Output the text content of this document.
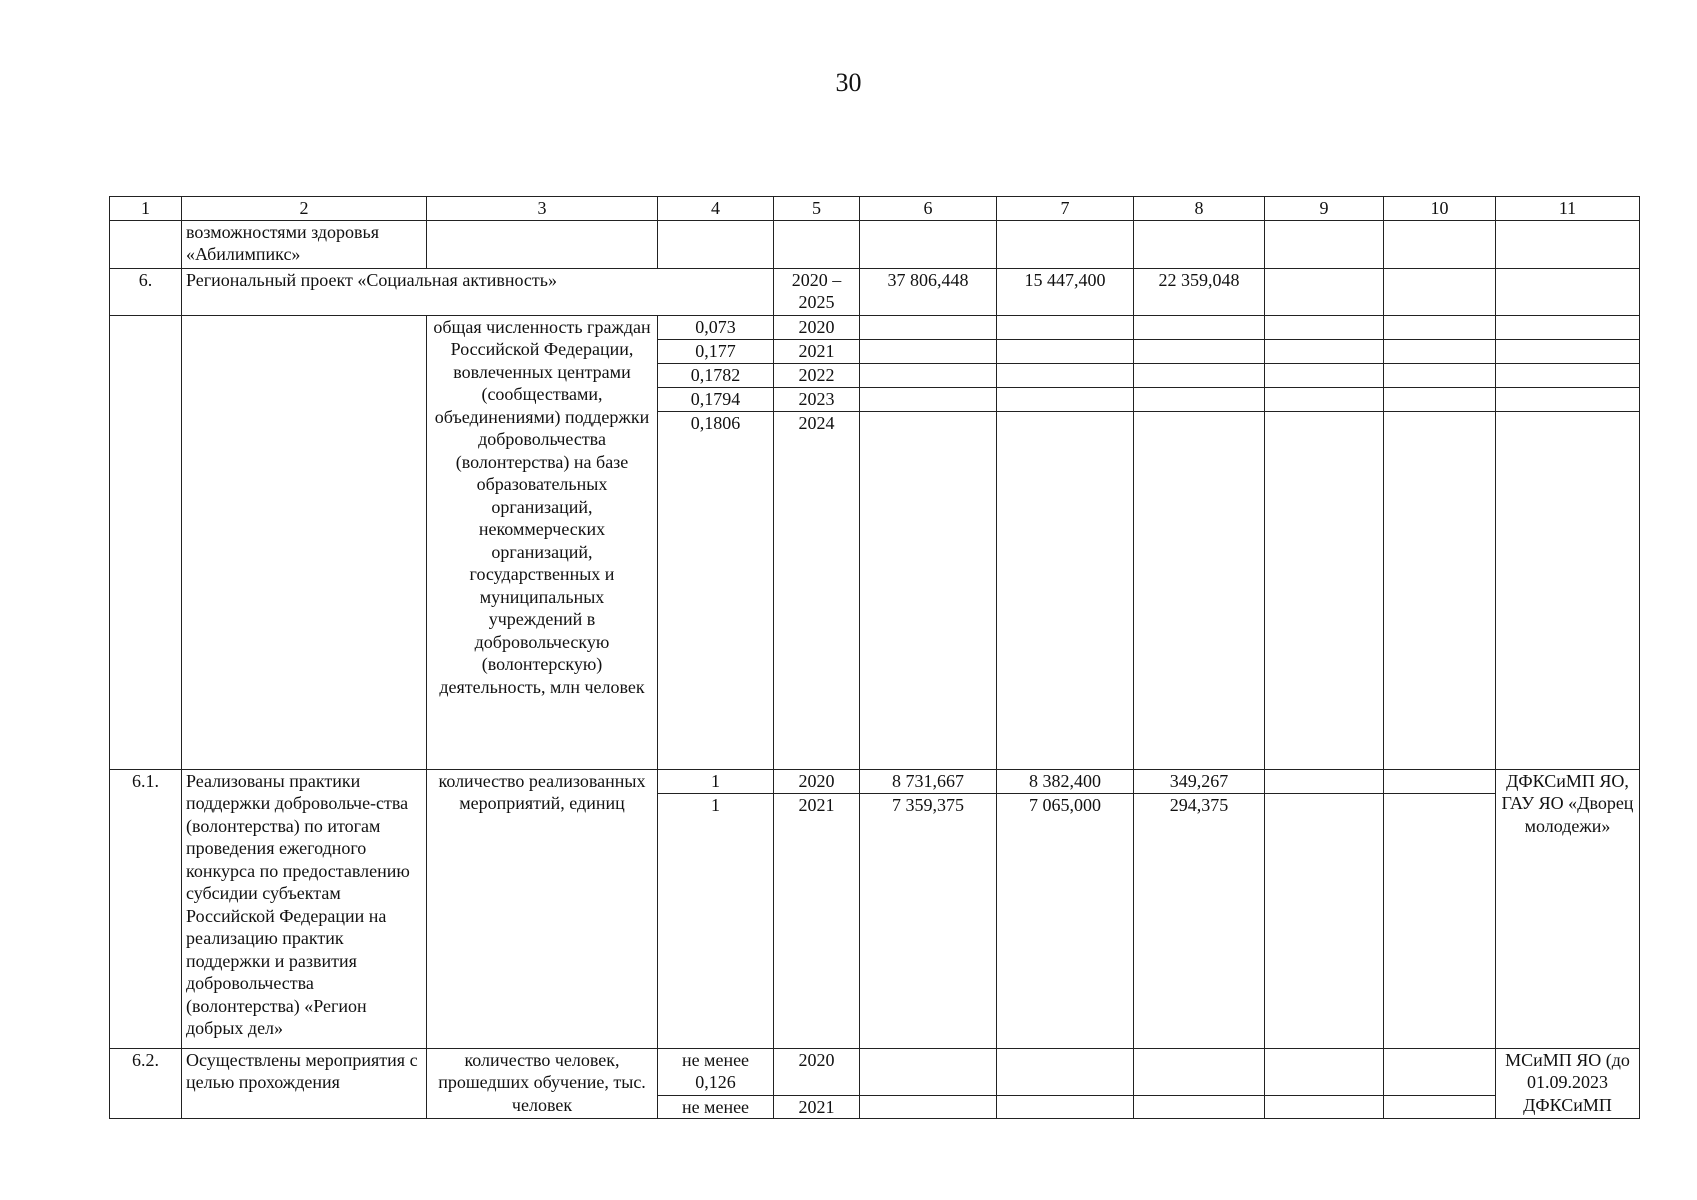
30
1	2	3	4	5	6	7	8	9	10	11
	возможностями здоровья «Абилимпикс»									
6.	Региональный проект «Социальная активность»			2020 – 2025	37 806,448	15 447,400	22 359,048			
		общая численность граждан Российской Федерации, вовлеченных центрами (сообществами, объединениями) поддержки добровольчества (волонтерства) на базе образовательных организаций, некоммерческих организаций, государственных и муниципальных учреждений в добровольческую (волонтерскую) деятельность, млн человек	0,073	2020						
			0,177	2021						
			0,1782	2022						
			0,1794	2023						
			0,1806	2024						
6.1.	Реализованы практики поддержки добровольче-ства (волонтерства) по итогам проведения ежегодного конкурса по предоставлению субсидии субъектам Российской Федерации на реализацию практик поддержки и развития добровольчества (волонтерства) «Регион добрых дел»	количество реализованных мероприятий, единиц	1	2020	8 731,667	8 382,400	349,267			ДФКСиМП ЯО, ГАУ ЯО «Дворец молодежи»
			1	2021	7 359,375	7 065,000	294,375			
6.2.	Осуществлены мероприятия с целью прохождения	количество человек, прошедших обучение, тыс. человек	не менее 0,126	2020						МСиМП ЯО (до 01.09.2023 ДФКСиМП
			не менее	2021						
